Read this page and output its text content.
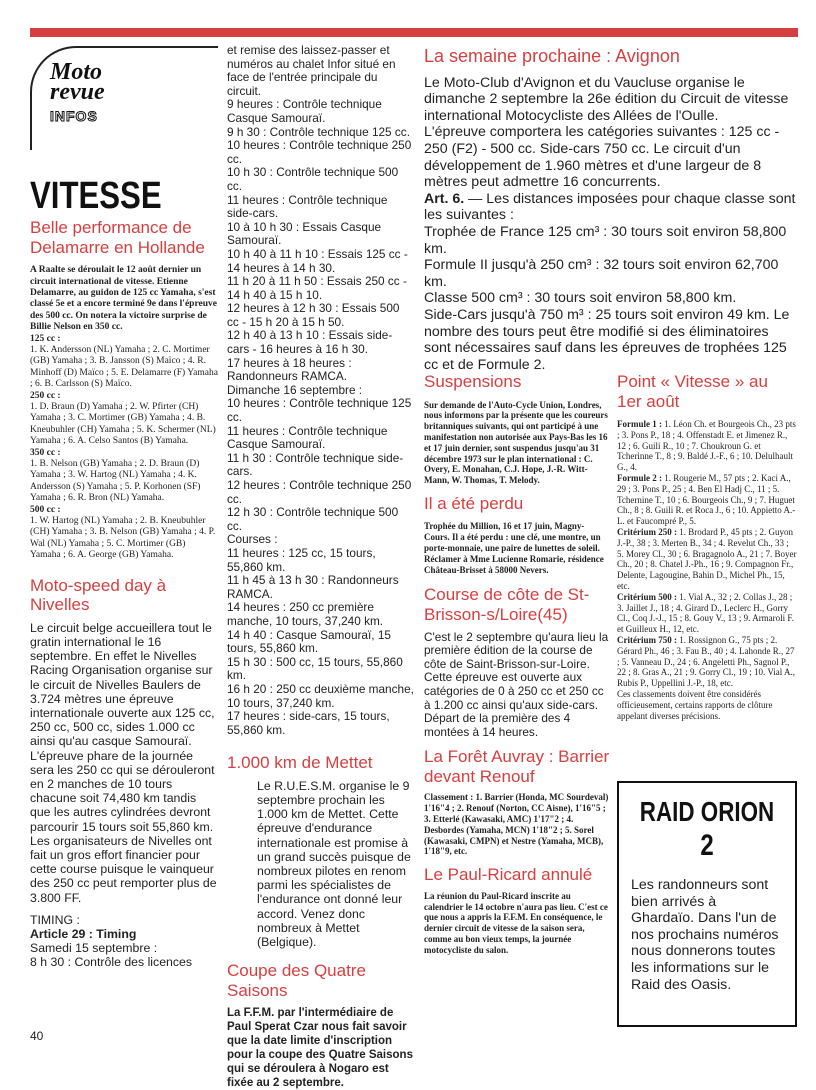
Moto
revue
INFOS
VITESSE
Belle performance de Delamarre en Hollande

A Raalte se déroulait le 12 août dernier un circuit international de vitesse. Etienne Delamarre, au guidon de 125 cc Yamaha, s'est classé 5e et a encore terminé 9e dans l'épreuve des 500 cc. On notera la victoire surprise de Billie Nelson en 350 cc.

125 cc :

1. K. Andersson (NL) Yamaha ; 2. C. Mortimer (GB) Yamaha ; 3. B. Jansson (S) Maïco ; 4. R. Minhoff (D) Maïco ; 5. E. Delamarre (F) Yamaha ; 6. B. Carlsson (S) Maïco.

250 cc :

1. D. Braun (D) Yamaha ; 2. W. Pfirter (CH) Yamaha ; 3. C. Mortimer (GB) Yamaha ; 4. B. Kneubuhler (CH) Yamaha ; 5. K. Schermer (NL) Yamaha ; 6. A. Celso Santos (B) Yamaha.

350 cc :

1. B. Nelson (GB) Yamaha ; 2. D. Braun (D) Yamaha ; 3. W. Hartog (NL) Yamaha ; 4. K. Andersson (S) Yamaha ; 5. P. Korhonen (SF) Yamaha ; 6. R. Bron (NL) Yamaha.

500 cc :

1. W. Hartog (NL) Yamaha ; 2. B. Kneubuhler (CH) Yamaha ; 3. B. Nelson (GB) Yamaha ; 4. P. Wal (NL) Yamaha ; 5. C. Mortimer (GB) Yamaha ; 6. A. George (GB) Yamaha.

Moto-speed day à Nivelles

Le circuit belge accueillera tout le gratin international le 16 septembre. En effet le Nivelles Racing Organisation organise sur le circuit de Nivelles Baulers de 3.724 mètres une épreuve internationale ouverte aux 125 cc, 250 cc, 500 cc, sides 1.000 cc ainsi qu'au casque Samouraï.

L'épreuve phare de la journée sera les 250 cc qui se dérouleront en 2 manches de 10 tours chacune soit 74,480 km tandis que les autres cylindrées devront parcourir 15 tours soit 55,860 km.

Les organisateurs de Nivelles ont fait un gros effort financier pour cette course puisque le vainqueur des 250 cc peut remporter plus de 3.800 FF.

TIMING :

Article 29 : Timing

Samedi 15 septembre :

8 h 30 : Contrôle des licences

et remise des laissez-passer et numéros au chalet Infor situé en face de l'entrée principale du circuit.
9 heures : Contrôle technique Casque Samouraï.
9 h 30 : Contrôle technique 125 cc.
10 heures : Contrôle technique 250 cc.
10 h 30 : Contrôle technique 500 cc.
11 heures : Contrôle technique side-cars.
10 à 10 h 30 : Essais Casque Samouraï.
10 h 40 à 11 h 10 : Essais 125 cc - 14 heures à 14 h 30.
11 h 20 à 11 h 50 : Essais 250 cc - 14 h 40 à 15 h 10.
12 heures à 12 h 30 : Essais 500 cc - 15 h 20 à 15 h 50.
12 h 40 à 13 h 10 : Essais side-cars - 16 heures à 16 h 30.
17 heures à 18 heures : Randonneurs RAMCA.
Dimanche 16 septembre :
10 heures : Contrôle technique 125 cc.
11 heures : Contrôle technique Casque Samouraï.
11 h 30 : Contrôle technique side-cars.
12 heures : Contrôle technique 250 cc.
12 h 30 : Contrôle technique 500 cc.
Courses :
11 heures : 125 cc, 15 tours, 55,860 km.
11 h 45 à 13 h 30 : Randonneurs RAMCA.
14 heures : 250 cc première manche, 10 tours, 37,240 km.
14 h 40 : Casque Samouraï, 15 tours, 55,860 km.
15 h 30 : 500 cc, 15 tours, 55,860 km.
16 h 20 : 250 cc deuxième manche, 10 tours, 37,240 km.
17 heures : side-cars, 15 tours, 55,860 km.

1.000 km de Mettet

Le R.U.E.S.M. organise le 9 septembre prochain les 1.000 km de Mettet. Cette épreuve d'endurance internationale est promise à un grand succès puisque de nombreux pilotes en renom parmi les spécialistes de l'endurance ont donné leur accord. Venez donc nombreux à Mettet (Belgique).

Coupe des Quatre Saisons

La F.F.M. par l'intermédiaire de Paul Sperat Czar nous fait savoir que la date limite d'inscription pour la coupe des Quatre Saisons qui se déroulera à Nogaro est fixée au 2 septembre.

La semaine prochaine : Avignon

Le Moto-Club d'Avignon et du Vaucluse organise le dimanche 2 septembre la 26e édition du Circuit de vitesse international Motocycliste des Allées de l'Oulle.

L'épreuve comportera les catégories suivantes : 125 cc - 250 (F2) - 500 cc. Side-cars 750 cc. Le circuit d'un développement de 1.960 mètres et d'une largeur de 8 mètres peut admettre 16 concurrents.

Art. 6. — Les distances imposées pour chaque classe sont les suivantes :

Trophée de France 125 cm³ : 30 tours soit environ 58,800 km.

Formule II jusqu'à 250 cm³ : 32 tours soit environ 62,700 km.

Classe 500 cm³ : 30 tours soit environ 58,800 km.

Side-Cars jusqu'à 750 m³ : 25 tours soit environ 49 km. Le nombre des tours peut être modifié si des éliminatoires sont nécessaires sauf dans les épreuves de trophées 125 cc et de Formule 2.

Suspensions

Sur demande de l'Auto-Cycle Union, Londres, nous informons par la présente que les coureurs britanniques suivants, qui ont participé à une manifestation non autorisée aux Pays-Bas les 16 et 17 juin dernier, sont suspendus jusqu'au 31 décembre 1973 sur le plan international : C. Overy, E. Monahan, C.J. Hope, J.-R. Witt-Mann, W. Thomas, T. Melody.

Il a été perdu

Trophée du Million, 16 et 17 juin, Magny-Cours. Il a été perdu : une clé, une montre, un porte-monnaie, une paire de lunettes de soleil. Réclamer à Mme Lucienne Romarie, résidence Château-Brisset à 58000 Nevers.

Course de côte de St-Brisson-s/Loire(45)

C'est le 2 septembre qu'aura lieu la première édition de la course de côte de Saint-Brisson-sur-Loire. Cette épreuve est ouverte aux catégories de 0 à 250 cc et 250 cc à 1.200 cc ainsi qu'aux side-cars. Départ de la première des 4 montées à 14 heures.

La Forêt Auvray : Barrier devant Renouf

Classement : 1. Barrier (Honda, MC Sourdeval) 1'16"4 ; 2. Renouf (Norton, CC Aisne), 1'16"5 ; 3. Etterlé (Kawasaki, AMC) 1'17"2 ; 4. Desbordes (Yamaha, MCN) 1'18"2 ; 5. Sorel (Kawasaki, CMPN) et Nestre (Yamaha, MCB), 1'18"9, etc.

Le Paul-Ricard annulé

La réunion du Paul-Ricard inscrite au calendrier le 14 octobre n'aura pas lieu. C'est ce que nous a appris la F.F.M. En conséquence, le dernier circuit de vitesse de la saison sera, comme au bon vieux temps, la journée motocycliste du salon.

Point « Vitesse » au 1er août

Formule 1 : 1. Léon Ch. et Bourgeois Ch., 23 pts ; 3. Pons P., 18 ; 4. Offenstadt E. et Jimenez R., 12 ; 6. Guili R., 10 ; 7. Choukroun G. et Tcherinne T., 8 ; 9. Baldé J.-F., 6 ; 10. Delulhault G., 4.

Formule 2 : 1. Rougerie M., 57 pts ; 2. Kaci A., 29 ; 3. Pons P., 25 ; 4. Ben El Hadj C., 11 ; 5. Tchernine T., 10 ; 6. Bourgeois Ch., 9 ; 7. Huguet Ch., 8 ; 8. Guili R. et Roca J., 6 ; 10. Appietto A.-L. et Faucompré P., 5.

Critérium 250 : 1. Brodard P., 45 pts ; 2. Guyon J.-P., 38 ; 3. Merten B., 34 ; 4. Revelut Ch., 33 ; 5. Morey Cl., 30 ; 6. Bragagnolo A., 21 ; 7. Boyer Ch., 20 ; 8. Chatel J.-Ph., 16 ; 9. Compagnon Fr., Delente, Lagougine, Bahin D., Michel Ph., 15, etc.

Critérium 500 : 1. Vial A., 32 ; 2. Collas J., 28 ; 3. Jaillet J., 18 ; 4. Girard D., Leclerc H., Gorry Cl., Coq J.-J., 15 ; 8. Gouy V., 13 ; 9. Armaroli F. et Guilleux H., 12, etc.

Critérium 750 : 1. Rossignon G., 75 pts ; 2. Gérard Ph., 46 ; 3. Fau B., 40 ; 4. Lahonde R., 27 ; 5. Vanneau D., 24 ; 6. Angeletti Ph., Sagnol P., 22 ; 8. Gras A., 21 ; 9. Gorry Cl., 19 ; 10. Vial A., Rubis P., Uppellini J.-P., 18, etc.

Ces classements doivent être considérés officieusement, certains rapports de clôture appelant diverses précisions.

RAID ORION
2
Les randonneurs sont bien arrivés à Ghardaïo. Dans l'un de nos prochains numéros nous donnerons toutes les informations sur le Raid des Oasis.
40
